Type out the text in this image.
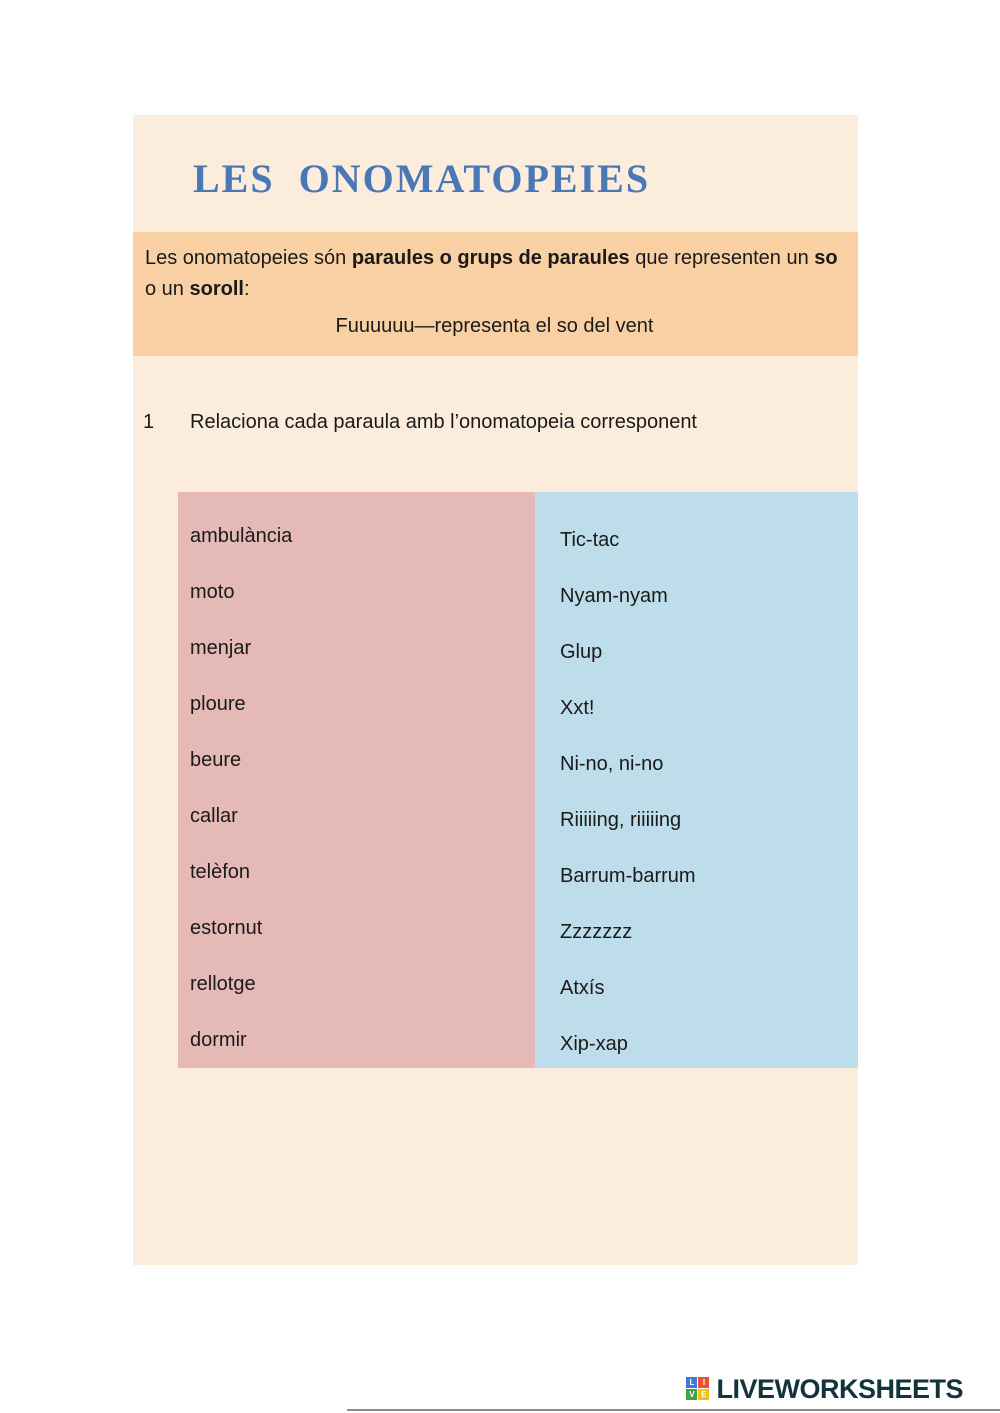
LES  ONOMATOPEIES

Les onomatopeies són paraules o grups de paraules que representen un so o un soroll:

Fuuuuuu—representa el so del vent

1	Relaciona cada paraula amb l’onomatopeia corresponent
ambulància
moto
menjar
ploure
beure
callar
telèfon
estornut
rellotge
dormir
Tic-tac
Nyam-nyam
Glup
Xxt!
Ni-no, ni-no
Riiiiing, riiiiing
Barrum-barrum
Zzzzzzz
Atxís
Xip-xap
L	I
V E LIVEWORKSHEETS
